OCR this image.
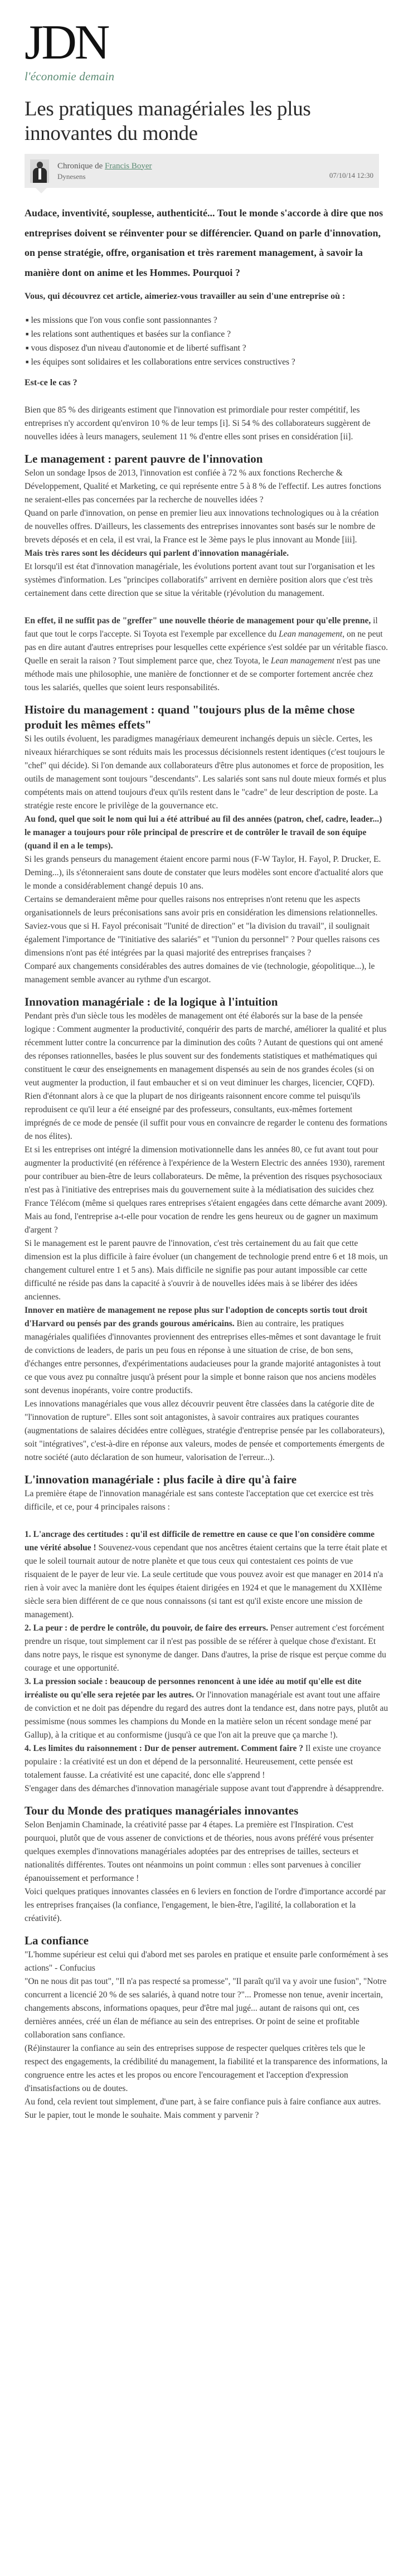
JDN
l'économie demain
Les pratiques managériales les plus innovantes du monde
Chronique de Francis Boyer
Dynesens	07/10/14 12:30

Audace, inventivité, souplesse, authenticité... Tout le monde s'accorde à dire que nos entreprises doivent se réinventer pour se différencier. Quand on parle d'innovation, on pense stratégie, offre, organisation et très rarement management, à savoir la manière dont on anime et les Hommes. Pourquoi ?

Vous, qui découvrez cet article, aimeriez-vous travailler au sein d'une entreprise où :

■ les missions que l'on vous confie sont passionnantes ?
■ les relations sont authentiques et basées sur la confiance ?
■ vous disposez d'un niveau d'autonomie et de liberté suffisant ?
■ les équipes sont solidaires et les collaborations entre services constructives ?

Est-ce le cas ?

Bien que 85 % des dirigeants estiment que l'innovation est primordiale pour rester compétitif, les entreprises n'y accordent qu'environ 10 % de leur temps [i]. Si 54 % des collaborateurs suggèrent de nouvelles idées à leurs managers, seulement 11 % d'entre elles sont prises en considération [ii].

Le management : parent pauvre de l'innovation

Selon un sondage Ipsos de 2013, l'innovation est confiée à 72 % aux fonctions Recherche & Développement, Qualité et Marketing, ce qui représente entre 5 à 8 % de l'effectif. Les autres fonctions ne seraient-elles pas concernées par la recherche de nouvelles idées ?

Quand on parle d'innovation, on pense en premier lieu aux innovations technologiques ou à la création de nouvelles offres. D'ailleurs, les classements des entreprises innovantes sont basés sur le nombre de brevets déposés et en cela, il est vrai, la France est le 3ème pays le plus innovant au Monde [iii].

Mais très rares sont les décideurs qui parlent d'innovation managériale.

Et lorsqu'il est état d'innovation managériale, les évolutions portent avant tout sur l'organisation et les systèmes d'information. Les "principes collaboratifs" arrivent en dernière position alors que c'est très certainement dans cette direction que se situe la véritable (r)évolution du management.

En effet, il ne suffit pas de "greffer" une nouvelle théorie de management pour qu'elle prenne, il faut que tout le corps l'accepte. Si Toyota est l'exemple par excellence du Lean management, on ne peut pas en dire autant d'autres entreprises pour lesquelles cette expérience s'est soldée par un véritable fiasco. Quelle en serait la raison ? Tout simplement parce que, chez Toyota, le Lean management n'est pas une méthode mais une philosophie, une manière de fonctionner et de se comporter fortement ancrée chez tous les salariés, quelles que soient leurs responsabilités.

Histoire du management : quand "toujours plus de la même chose produit les mêmes effets"

Si les outils évoluent, les paradigmes managériaux demeurent inchangés depuis un siècle. Certes, les niveaux hiérarchiques se sont réduits mais les processus décisionnels restent identiques (c'est toujours le "chef" qui décide). Si l'on demande aux collaborateurs d'être plus autonomes et force de proposition, les outils de management sont toujours "descendants". Les salariés sont sans nul doute mieux formés et plus compétents mais on attend toujours d'eux qu'ils restent dans le "cadre" de leur description de poste. La stratégie reste encore le privilège de la gouvernance etc.

Au fond, quel que soit le nom qui lui a été attribué au fil des années (patron, chef, cadre, leader...) le manager a toujours pour rôle principal de prescrire et de contrôler le travail de son équipe (quand il en a le temps).

Si les grands penseurs du management étaient encore parmi nous (F-W Taylor, H. Fayol, P. Drucker, E. Deming...), ils s'étonneraient sans doute de constater que leurs modèles sont encore d'actualité alors que le monde a considérablement changé depuis 10 ans.

Certains se demanderaient même pour quelles raisons nos entreprises n'ont retenu que les aspects organisationnels de leurs préconisations sans avoir pris en considération les dimensions relationnelles. Saviez-vous que si H. Fayol préconisait "l'unité de direction" et "la division du travail", il soulignait également l'importance de "l'initiative des salariés" et "l'union du personnel" ? Pour quelles raisons ces dimensions n'ont pas été intégrées par la quasi majorité des entreprises françaises ?

Comparé aux changements considérables des autres domaines de vie (technologie, géopolitique...), le management semble avancer au rythme d'un escargot.

Innovation managériale : de la logique à l'intuition

Pendant près d'un siècle tous les modèles de management ont été élaborés sur la base de la pensée logique : Comment augmenter la productivité, conquérir des parts de marché, améliorer la qualité et plus récemment lutter contre la concurrence par la diminution des coûts ? Autant de questions qui ont amené des réponses rationnelles, basées le plus souvent sur des fondements statistiques et mathématiques qui constituent le cœur des enseignements en management dispensés au sein de nos grandes écoles (si on veut augmenter la production, il faut embaucher et si on veut diminuer les charges, licencier, CQFD).

Rien d'étonnant alors à ce que la plupart de nos dirigeants raisonnent encore comme tel puisqu'ils reproduisent ce qu'il leur a été enseigné par des professeurs, consultants, eux-mêmes fortement imprégnés de ce mode de pensée (il suffit pour vous en convaincre de regarder le contenu des formations de nos élites).

Et si les entreprises ont intégré la dimension motivationnelle dans les années 80, ce fut avant tout pour augmenter la productivité (en référence à l'expérience de la Western Electric des années 1930), rarement pour contribuer au bien-être de leurs collaborateurs. De même, la prévention des risques psychosociaux n'est pas à l'initiative des entreprises mais du gouvernement suite à la médiatisation des suicides chez France Télécom (même si quelques rares entreprises s'étaient engagées dans cette démarche avant 2009). Mais au fond, l'entreprise a-t-elle pour vocation de rendre les gens heureux ou de gagner un maximum d'argent ?

Si le management est le parent pauvre de l'innovation, c'est très certainement du au fait que cette dimension est la plus difficile à faire évoluer (un changement de technologie prend entre 6 et 18 mois, un changement culturel entre 1 et 5 ans). Mais difficile ne signifie pas pour autant impossible car cette difficulté ne réside pas dans la capacité à s'ouvrir à de nouvelles idées mais à se libérer des idées anciennes.

Innover en matière de management ne repose plus sur l'adoption de concepts sortis tout droit d'Harvard ou pensés par des grands gourous américains. Bien au contraire, les pratiques managériales qualifiées d'innovantes proviennent des entreprises elles-mêmes et sont davantage le fruit de convictions de leaders, de paris un peu fous en réponse à une situation de crise, de bon sens, d'échanges entre personnes, d'expérimentations audacieuses pour la grande majorité antagonistes à tout ce que vous avez pu connaître jusqu'à présent pour la simple et bonne raison que nos anciens modèles sont devenus inopérants, voire contre productifs.

Les innovations managériales que vous allez découvrir peuvent être classées dans la catégorie dite de "l'innovation de rupture". Elles sont soit antagonistes, à savoir contraires aux pratiques courantes (augmentations de salaires décidées entre collègues, stratégie d'entreprise pensée par les collaborateurs), soit "intégratives", c'est-à-dire en réponse aux valeurs, modes de pensée et comportements émergents de notre société (auto déclaration de son humeur, valorisation de l'erreur...).

L'innovation managériale : plus facile à dire qu'à faire

La première étape de l'innovation managériale est sans conteste l'acceptation que cet exercice est très difficile, et ce, pour 4 principales raisons :

1. L'ancrage des certitudes : qu'il est difficile de remettre en cause ce que l'on considère comme une vérité absolue ! Souvenez-vous cependant que nos ancêtres étaient certains que la terre était plate et que le soleil tournait autour de notre planète et que tous ceux qui contestaient ces points de vue risquaient de le payer de leur vie. La seule certitude que vous pouvez avoir est que manager en 2014 n'a rien à voir avec la manière dont les équipes étaient dirigées en 1924 et que le management du XXIIème siècle sera bien différent de ce que nous connaissons (si tant est qu'il existe encore une mission de management).

2. La peur : de perdre le contrôle, du pouvoir, de faire des erreurs. Penser autrement c'est forcément prendre un risque, tout simplement car il n'est pas possible de se référer à quelque chose d'existant. Et dans notre pays, le risque est synonyme de danger. Dans d'autres, la prise de risque est perçue comme du courage et une opportunité.

3. La pression sociale : beaucoup de personnes renoncent à une idée au motif qu'elle est dite irréaliste ou qu'elle sera rejetée par les autres. Or l'innovation managériale est avant tout une affaire de conviction et ne doit pas dépendre du regard des autres dont la tendance est, dans notre pays, plutôt au pessimisme (nous sommes les champions du Monde en la matière selon un récent sondage mené par Gallup), à la critique et au conformisme (jusqu'à ce que l'on ait la preuve que ça marche !).

4. Les limites du raisonnement : Dur de penser autrement. Comment faire ? Il existe une croyance populaire : la créativité est un don et dépend de la personnalité. Heureusement, cette pensée est totalement fausse. La créativité est une capacité, donc elle s'apprend !

S'engager dans des démarches d'innovation managériale suppose avant tout d'apprendre à désapprendre.

Tour du Monde des pratiques managériales innovantes

Selon Benjamin Chaminade, la créativité passe par 4 étapes. La première est l'Inspiration. C'est pourquoi, plutôt que de vous assener de convictions et de théories, nous avons préféré vous présenter quelques exemples d'innovations managériales adoptées par des entreprises de tailles, secteurs et nationalités différentes. Toutes ont néanmoins un point commun : elles sont parvenues à concilier épanouissement et performance !

Voici quelques pratiques innovantes classées en 6 leviers en fonction de l'ordre d'importance accordé par les entreprises françaises (la confiance, l'engagement, le bien-être, l'agilité, la collaboration et la créativité).

La confiance

"L'homme supérieur est celui qui d'abord met ses paroles en pratique et ensuite parle conformément à ses actions" - Confucius

"On ne nous dit pas tout", "Il n'a pas respecté sa promesse", "Il paraît qu'il va y avoir une fusion", "Notre concurrent a licencié 20 % de ses salariés, à quand notre tour ?"... Promesse non tenue, avenir incertain, changements abscons, informations opaques, peur d'être mal jugé... autant de raisons qui ont, ces dernières années, créé un élan de méfiance au sein des entreprises. Or point de seine et profitable collaboration sans confiance.

(Ré)instaurer la confiance au sein des entreprises suppose de respecter quelques critères tels que le respect des engagements, la crédibilité du management, la fiabilité et la transparence des informations, la congruence entre les actes et les propos ou encore l'encouragement et l'acception d'expression d'insatisfactions ou de doutes.

Au fond, cela revient tout simplement, d'une part, à se faire confiance puis à faire confiance aux autres. Sur le papier, tout le monde le souhaite. Mais comment y parvenir ?
